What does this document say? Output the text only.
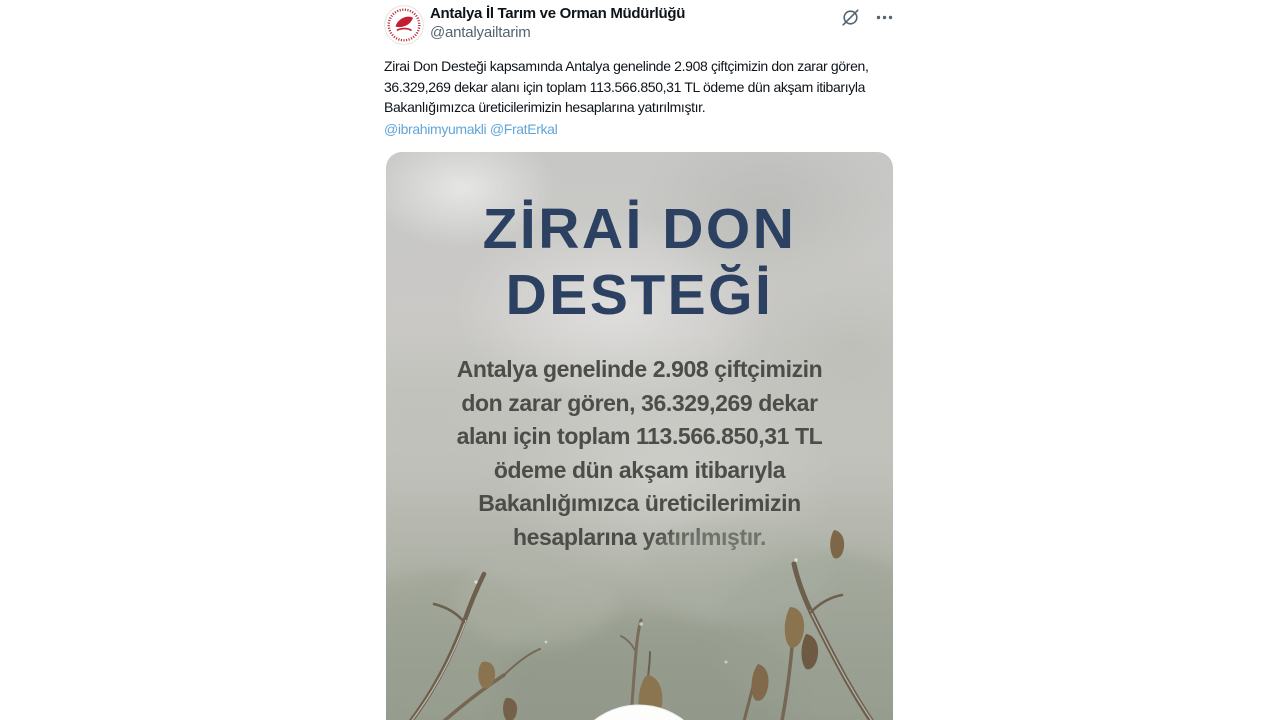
Antalya İl Tarım ve Orman Müdürlüğü
@antalyailtarim
Zirai Don Desteği kapsamında Antalya genelinde 2.908 çiftçimizin don zarar gören, 36.329,269 dekar alanı için toplam 113.566.850,31 TL ödeme dün akşam itibarıyla Bakanlığımızca üreticilerimizin hesaplarına yatırılmıştır.
@ibrahimyumakli @FratErkal
ZİRAİ DON
DESTEĞİ
Antalya genelinde 2.908 çiftçimizin
don zarar gören, 36.329,269 dekar
alanı için toplam 113.566.850,31 TL
ödeme dün akşam itibarıyla
Bakanlığımızca üreticilerimizin
hesaplarına yatırılmıştır.
